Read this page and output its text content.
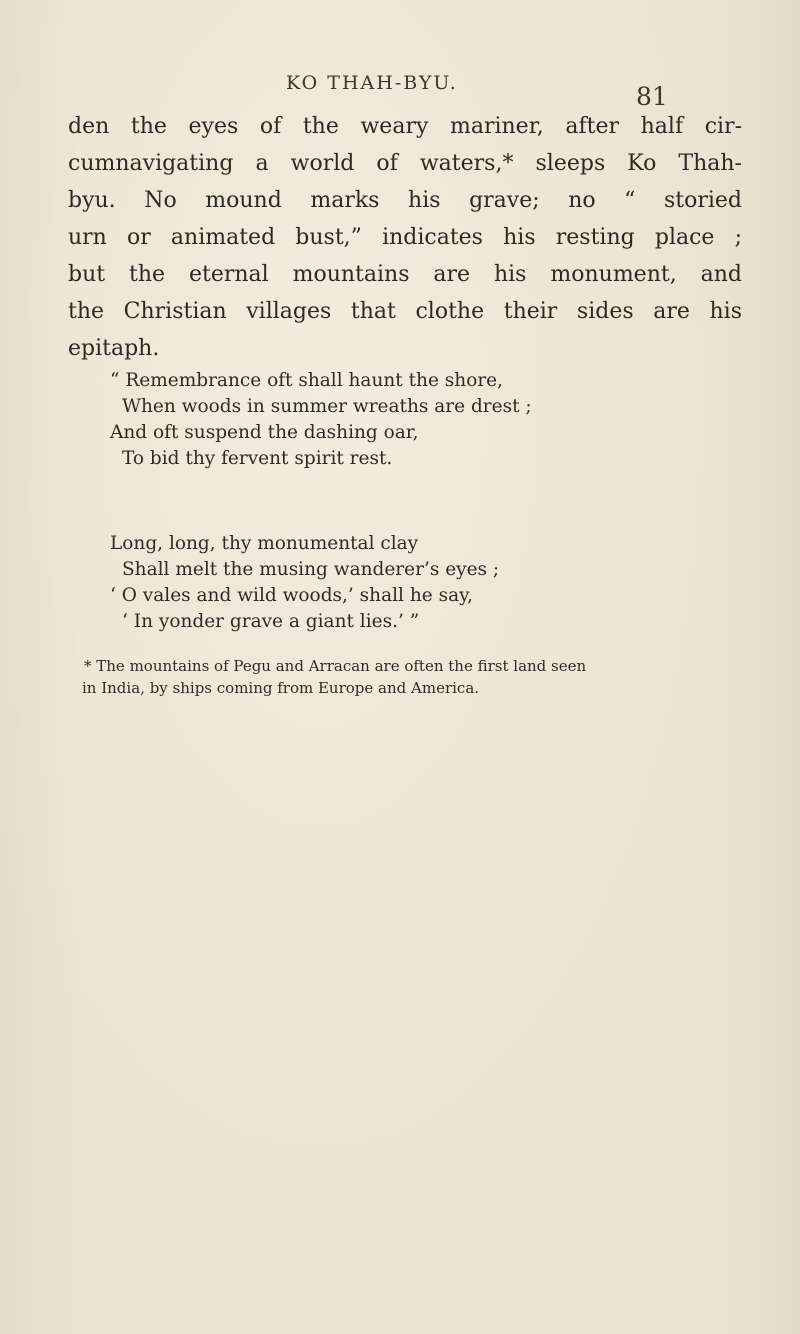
KO THAH-BYU.	81
den the eyes of the weary mariner, after half cir-
cumnavigating a world of waters,* sleeps Ko Thah-
byu. No mound marks his grave; no “ storied
urn or animated bust,” indicates his resting place ;
but the eternal mountains are his monument, and
the Christian villages that clothe their sides are his
epitaph.
“ Remembrance oft shall haunt the shore,
When woods in summer wreaths are drest ;
And oft suspend the dashing oar,
To bid thy fervent spirit rest.
Long, long, thy monumental clay
Shall melt the musing wanderer’s eyes ;
‘ O vales and wild woods,’ shall he say,
‘ In yonder grave a giant lies.’ ”
* The mountains of Pegu and Arracan are often the first land seen
in India, by ships coming from Europe and America.
